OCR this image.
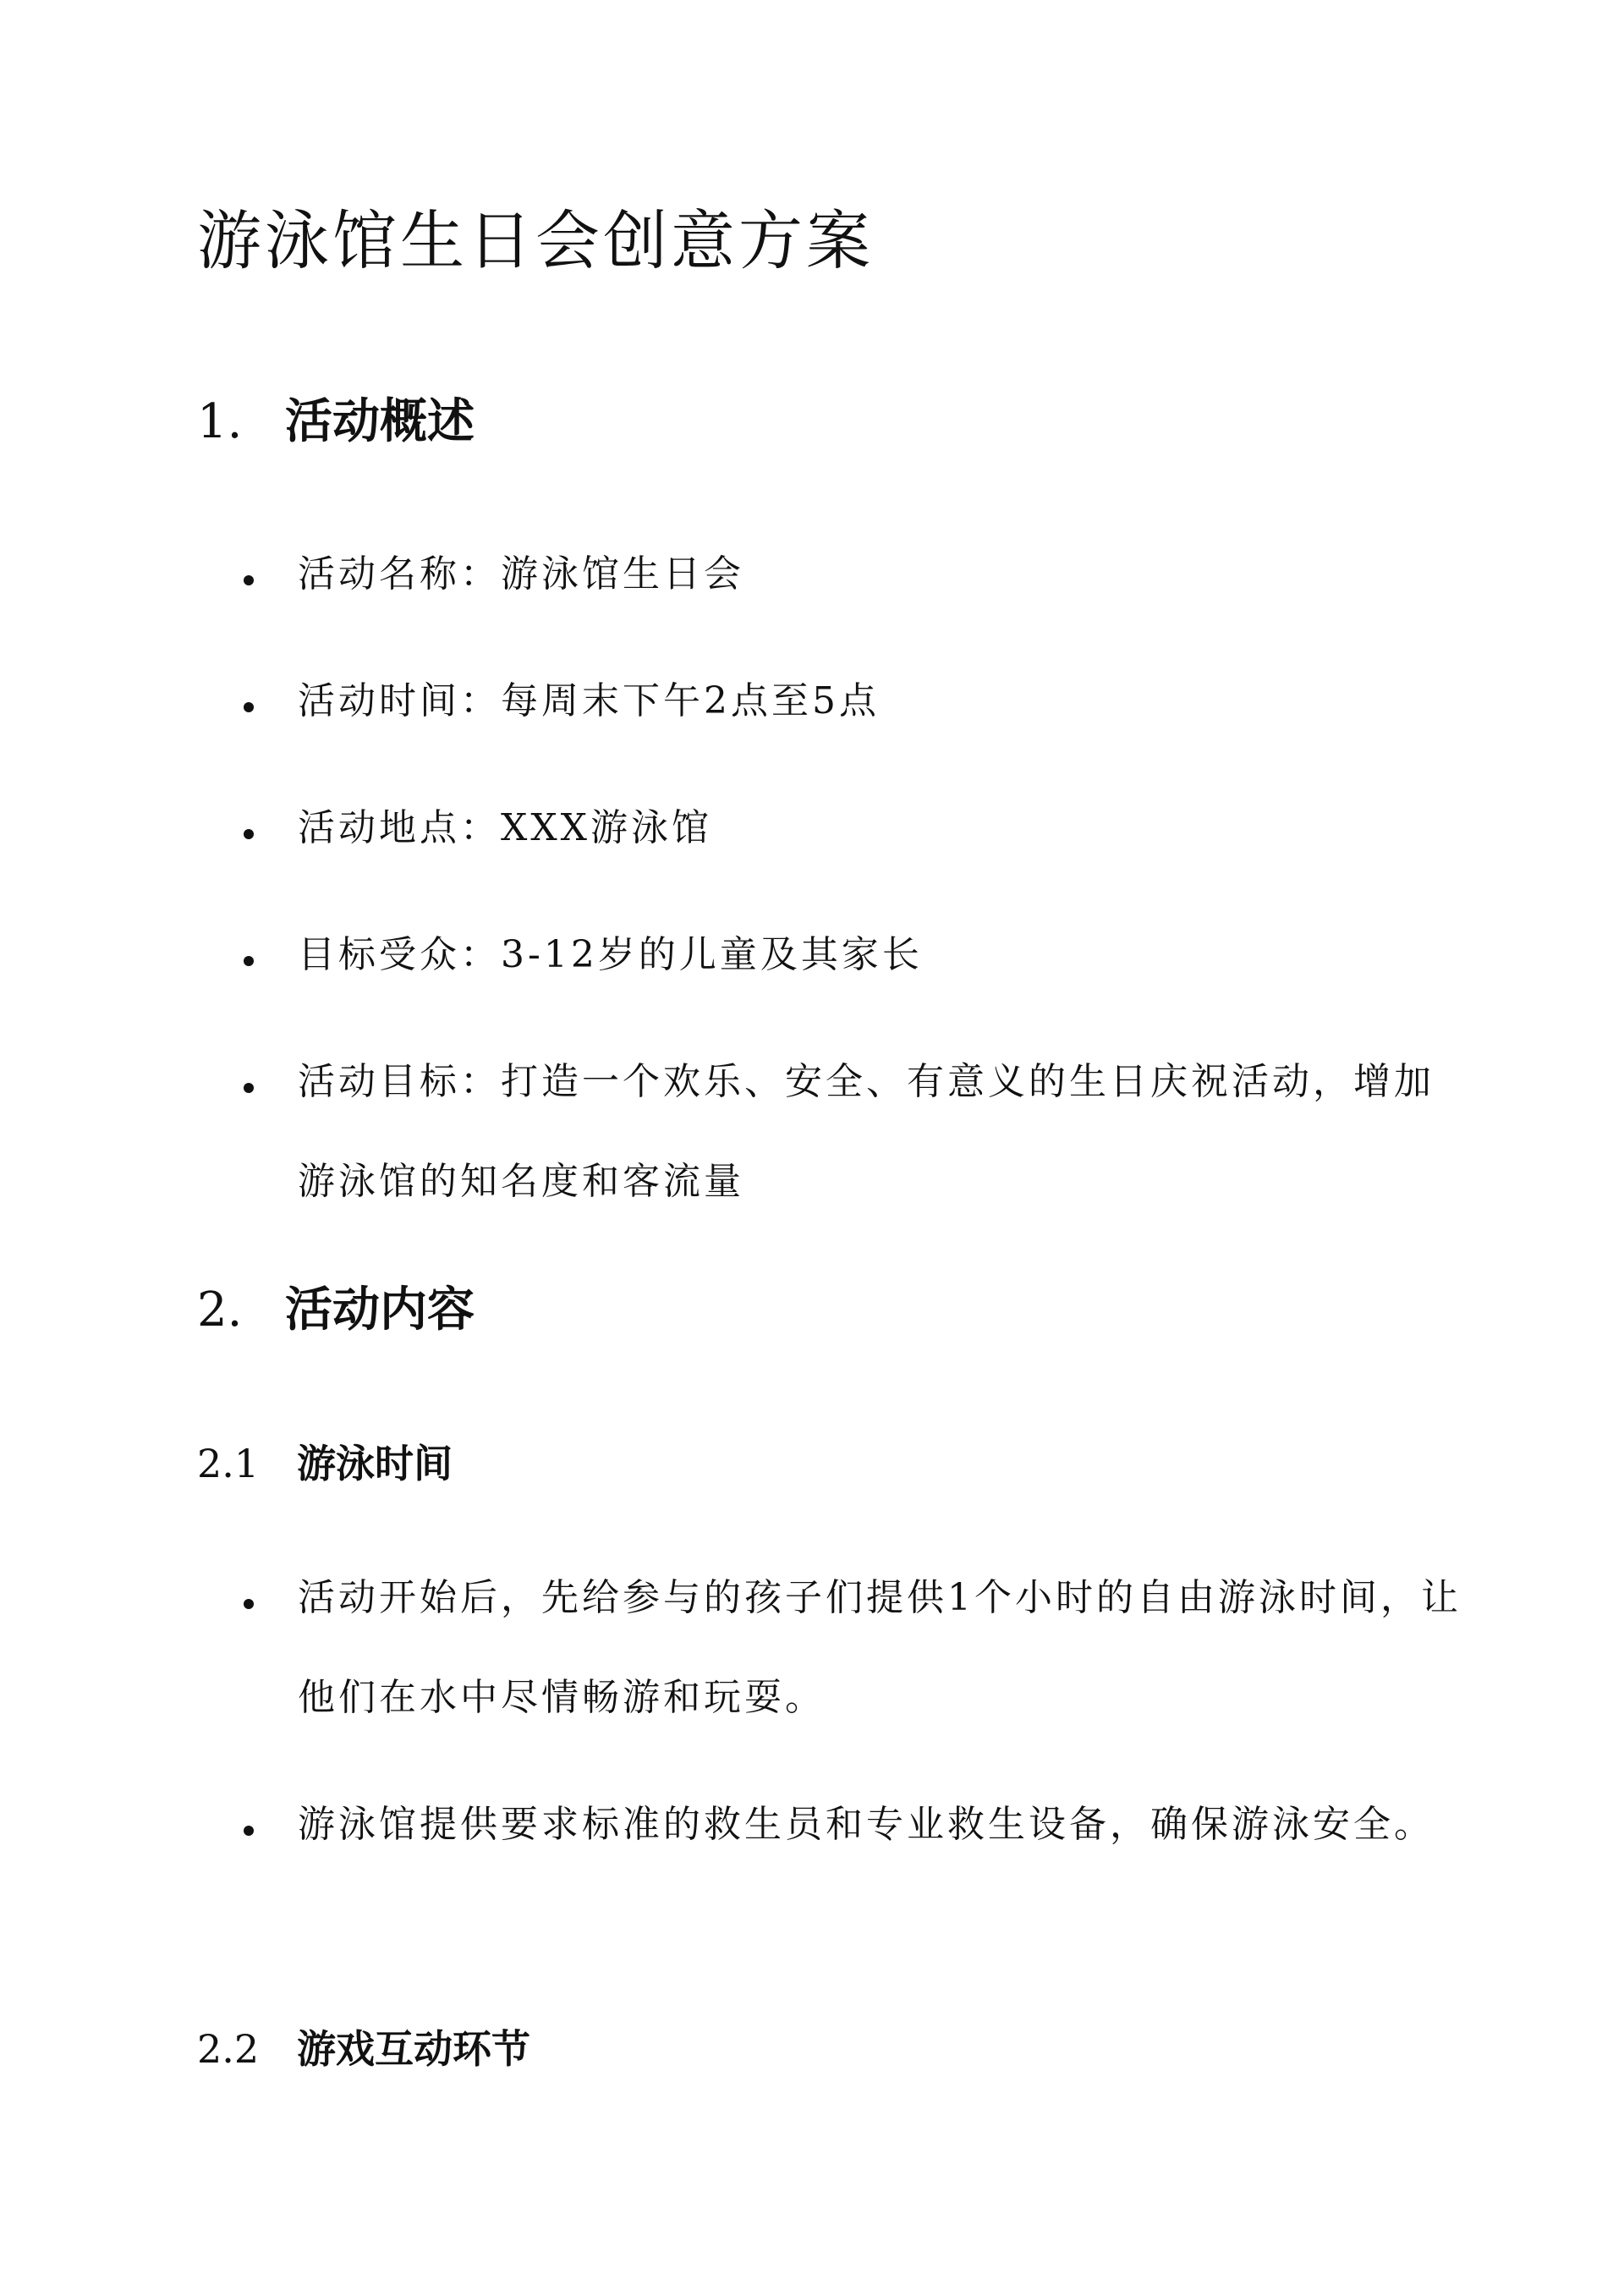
游泳馆生日会创意方案
1. 活动概述
活动名称：游泳馆生日会
活动时间：每周末下午2点至5点
活动地点：XXX游泳馆
目标受众：3-12岁的儿童及其家长
活动目标：打造一个欢乐、安全、有意义的生日庆祝活动，增加游泳馆的知名度和客流量
2. 活动内容
2.1 游泳时间
活动开始后，先给参与的孩子们提供1个小时的自由游泳时间，让他们在水中尽情畅游和玩耍。
游泳馆提供要求标准的救生员和专业救生设备，确保游泳安全。
2.2 游戏互动环节
